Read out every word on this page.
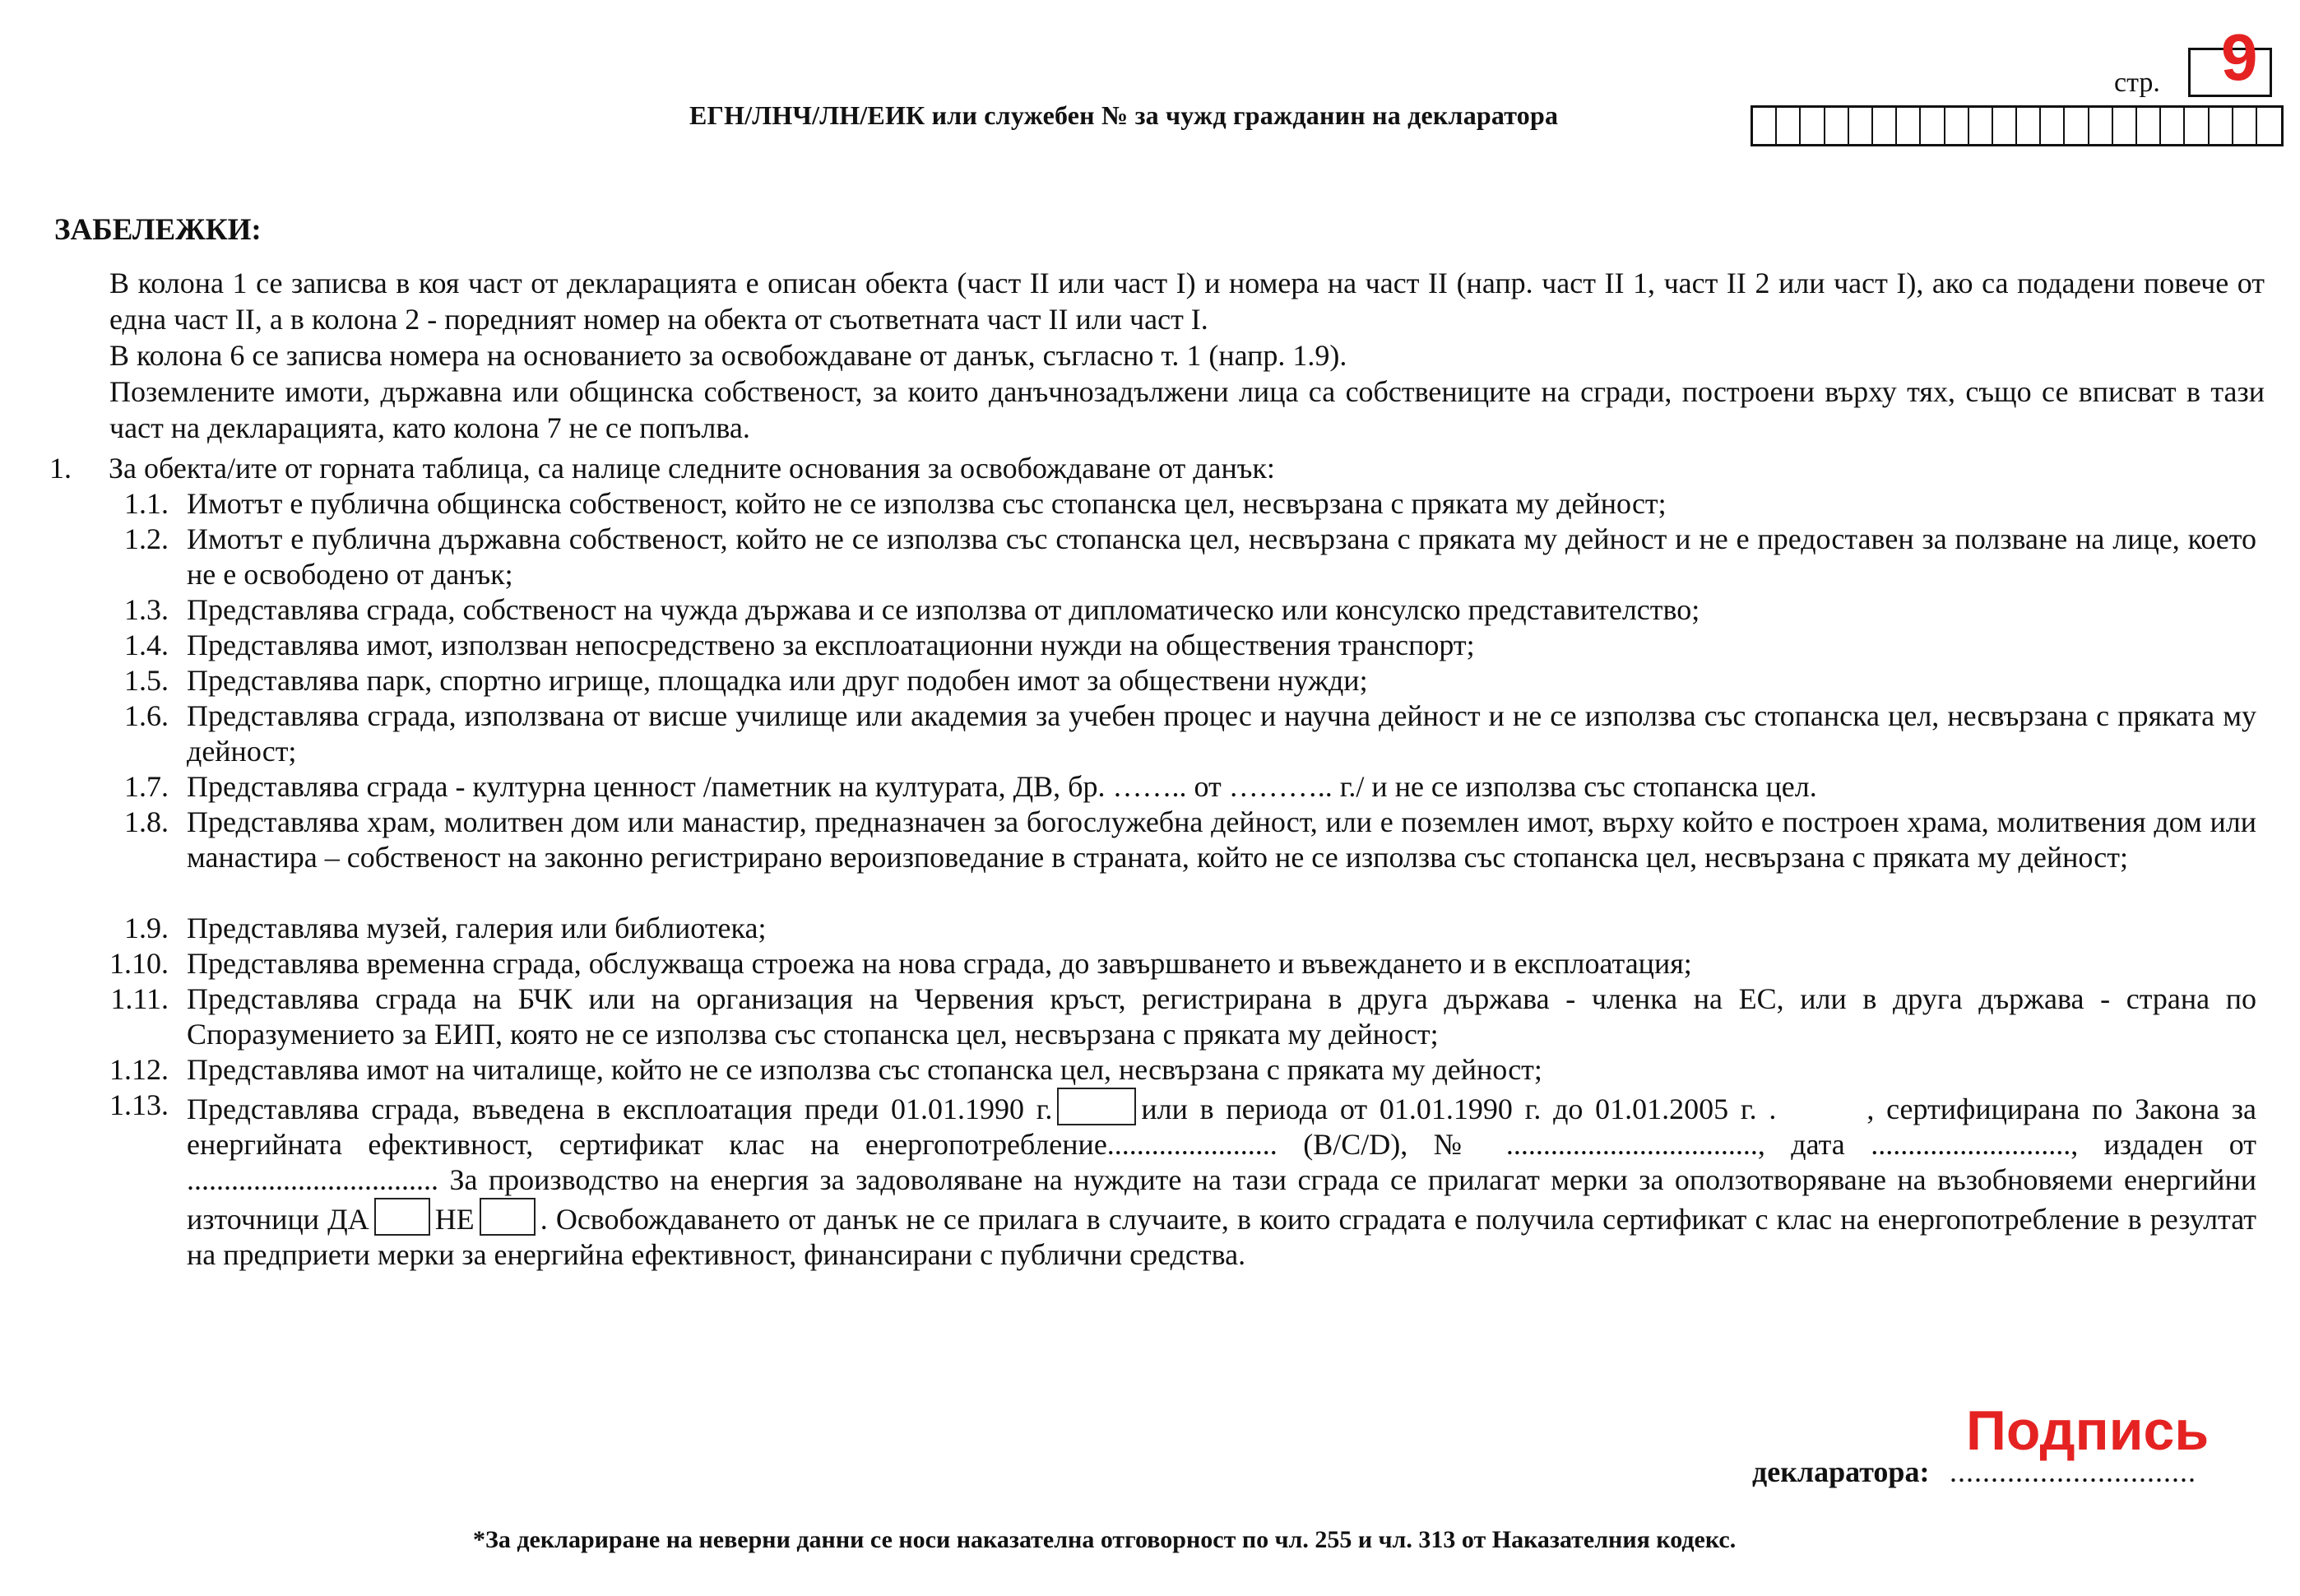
ЕГН/ЛНЧ/ЛН/ЕИК или служебен № за чужд гражданин на декларатора
стр. 9
ЗАБЕЛЕЖКИ:
В колона 1 се записва в коя част от декларацията е описан обекта (част II или част I) и номера на част II (напр. част II 1, част II 2 или част I), ако са подадени повече от една част II, а в колона 2 - поредният номер на обекта от съответната част II или част I.
В колона 6 се записва номера на основанието за освобождаване от данък, съгласно т. 1 (напр. 1.9).
Поземлените имоти, държавна или общинска собственост, за които данъчнозадължени лица са собствениците на сгради, построени върху тях, също се вписват в тази част на декларацията, като колона 7 не се попълва.
1.	За обекта/ите от горната таблица, са налице следните основания за освобождаване от данък:
1.1. Имотът е публична общинска собственост, който не се използва със стопанска цел, несвързана с пряката му дейност;
1.2. Имотът е публична държавна собственост, който не се използва със стопанска цел, несвързана с пряката му дейност и не е предоставен за ползване на лице, което не е освободено от данък;
1.3. Представлява сграда, собственост на чужда държава и се използва от дипломатическо или консулско представителство;
1.4. Представлява имот, използван непосредствено за експлоатационни нужди на обществения транспорт;
1.5. Представлява парк, спортно игрище, площадка или друг подобен имот за обществени нужди;
1.6. Представлява сграда, използвана от висше училище или академия за учебен процес и научна дейност и не се използва със стопанска цел, несвързана с пряката му дейност;
1.7. Представлява сграда - културна ценност /паметник на културата, ДВ, бр. …….. от ……….. г./ и не се използва със стопанска цел.
1.8. Представлява храм, молитвен дом или манастир, предназначен за богослужебна дейност, или е поземлен имот, върху който е построен храма, молитвения дом или манастира – собственост на законно регистрирано вероизповедание в страната, който не се използва със стопанска цел, несвързана с пряката му дейност;
1.9. Представлява музей, галерия или библиотека;
1.10. Представлява временна сграда, обслужваща строежа на нова сграда, до завършването и въвеждането и в експлоатация;
1.11. Представлява сграда на БЧК или на организация на Червения кръст, регистрирана в друга държава - членка на ЕС, или в друга държава - страна по Споразумението за ЕИП, която не се използва със стопанска цел, несвързана с пряката му дейност;
1.12. Представлява имот на читалище, който не се използва със стопанска цел, несвързана с пряката му дейност;
1.13. Представлява сграда, въведена в експлоатация преди 01.01.1990 г.	или в периода от 01.01.1990 г. до 01.01.2005 г. .	, сертифицирана по Закона за енергийната ефективност, сертификат клас на енергопотребление....................... (B/C/D), № .................................., дата ..........................., издаден от .................................. За производство на енергия за задоволяване на нуждите на тази сграда се прилагат мерки за оползотворяване на възобновяеми енергийни източници ДА НЕ . Освобождаването от данък не се прилага в случаите, в които сградата е получила сертификат с клас на енергопотребление в резултат на предприети мерки за енергийна ефективност, финансирани с публични средства.
Подпись
декларатора: ..............................
*За деклариране на неверни данни се носи наказателна отговорност по чл. 255 и чл. 313 от Наказателния кодекс.
